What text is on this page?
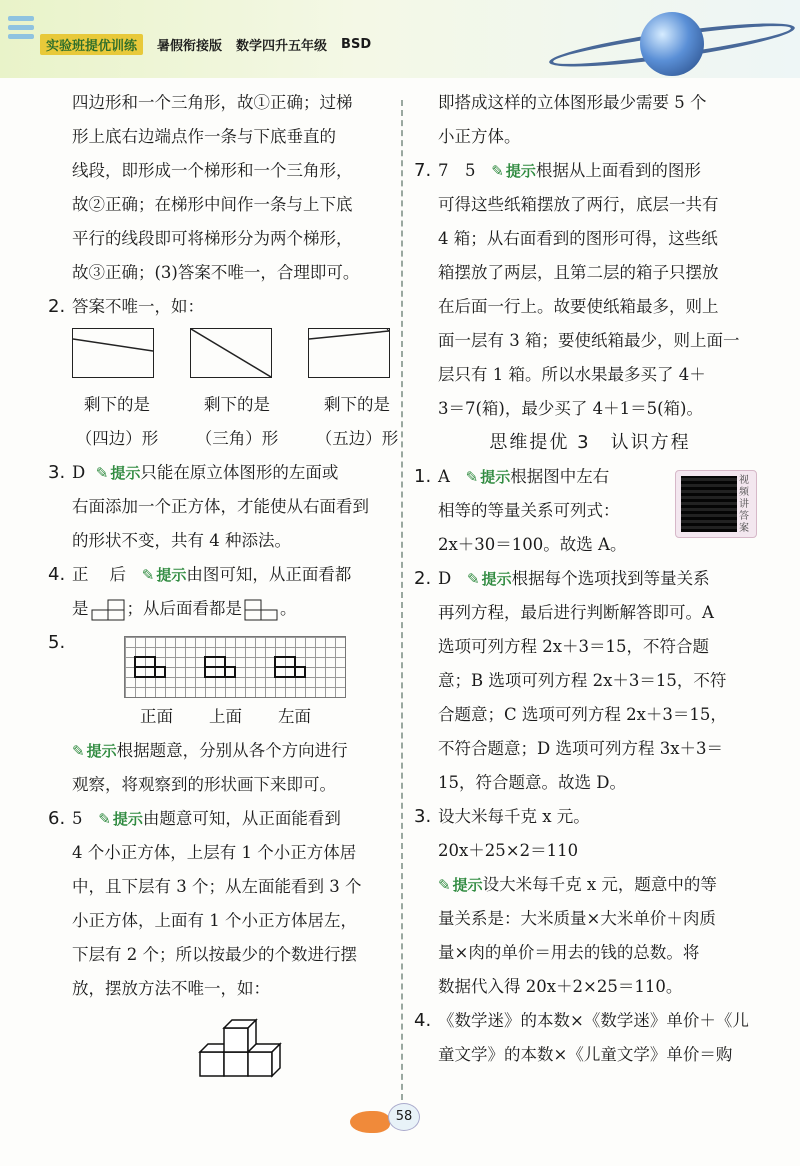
实验班提优训练	暑假衔接版 数学四升五年级 BSD
四边形和一个三角形，故①正确；过梯
形上底右边端点作一条与下底垂直的
线段，即形成一个梯形和一个三角形，
故②正确；在梯形中间作一条与上下底
平行的线段即可将梯形分为两个梯形，
故③正确；(3)答案不唯一，合理即可。
2. 答案不唯一，如：
剩下的是	剩下的是	剩下的是
（四边）形 （三角）形 （五边）形
3. D ✎ 提示只能在原立体图形的左面或
右面添加一个正方体，才能使从右面看到
的形状不变，共有 4 种添法。
4. 正 后 ✎ 提示由图可知，从正面看都
是 ；从后面看都是 。
5.
正面 上面 左面
✎ 提示根据题意，分别从各个方向进行
观察，将观察到的形状画下来即可。
6. 5 ✎ 提示由题意可知，从正面能看到
4 个小正方体，上层有 1 个小正方体居
中，且下层有 3 个；从左面能看到 3 个
小正方体，上面有 1 个小正方体居左，
下层有 2 个；所以按最少的个数进行摆
放，摆放方法不唯一，如：
即搭成这样的立体图形最少需要 5 个
小正方体。
7. 7　5 ✎ 提示根据从上面看到的图形
可得这些纸箱摆放了两行，底层一共有
4 箱；从右面看到的图形可得，这些纸
箱摆放了两层，且第二层的箱子只摆放
在后面一行上。故要使纸箱最多，则上
面一层有 3 箱；要使纸箱最少，则上面一
层只有 1 箱。所以水果最多买了 4＋
3＝7(箱)，最少买了 4＋1＝5(箱)。
思维提优 3　认识方程
1. A ✎ 提示根据图中左右
相等的等量关系可列式：
2x＋30＝100。故选 A。
2. D ✎ 提示根据每个选项找到等量关系
再列方程，最后进行判断解答即可。A
选项可列方程 2x＋3＝15，不符合题
意；B 选项可列方程 2x＋3＝15，不符
合题意；C 选项可列方程 2x＋3＝15，
不符合题意；D 选项可列方程 3x＋3＝
15，符合题意。故选 D。
3. 设大米每千克 x 元。
20x＋25×2＝110
✎ 提示设大米每千克 x 元，题意中的等
量关系是：大米质量×大米单价＋肉质
量×肉的单价＝用去的钱的总数。将
数据代入得 20x＋2×25＝110。
4. 《数学迷》的本数×《数学迷》单价＋《儿
童文学》的本数×《儿童文学》单价＝购
视频讲答案
58
